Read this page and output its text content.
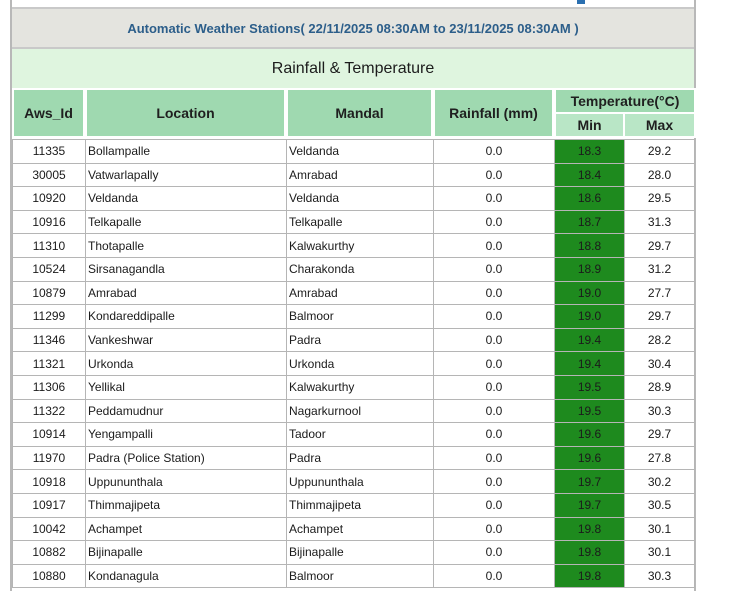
Automatic Weather Stations( 22/11/2025 08:30AM to 23/11/2025 08:30AM )
Rainfall & Temperature
Aws_Id	Location	Mandal	Rainfall (mm)
Temperature(°C)
Min	Max
11335	Bollampalle	Veldanda	0.0	18.3	29.2
30005	Vatwarlapally	Amrabad	0.0	18.4	28.0
10920	Veldanda	Veldanda	0.0	18.6	29.5
10916	Telkapalle	Telkapalle	0.0	18.7	31.3
11310	Thotapalle	Kalwakurthy	0.0	18.8	29.7
10524	Sirsanagandla	Charakonda	0.0	18.9	31.2
10879	Amrabad	Amrabad	0.0	19.0	27.7
11299	Kondareddipalle	Balmoor	0.0	19.0	29.7
11346	Vankeshwar	Padra	0.0	19.4	28.2
11321	Urkonda	Urkonda	0.0	19.4	30.4
11306	Yellikal	Kalwakurthy	0.0	19.5	28.9
11322	Peddamudnur	Nagarkurnool	0.0	19.5	30.3
10914	Yengampalli	Tadoor	0.0	19.6	29.7
11970	Padra (Police Station)	Padra	0.0	19.6	27.8
10918	Uppununthala	Uppununthala	0.0	19.7	30.2
10917	Thimmajipeta	Thimmajipeta	0.0	19.7	30.5
10042	Achampet	Achampet	0.0	19.8	30.1
10882	Bijinapalle	Bijinapalle	0.0	19.8	30.1
10880	Kondanagula	Balmoor	0.0	19.8	30.3
